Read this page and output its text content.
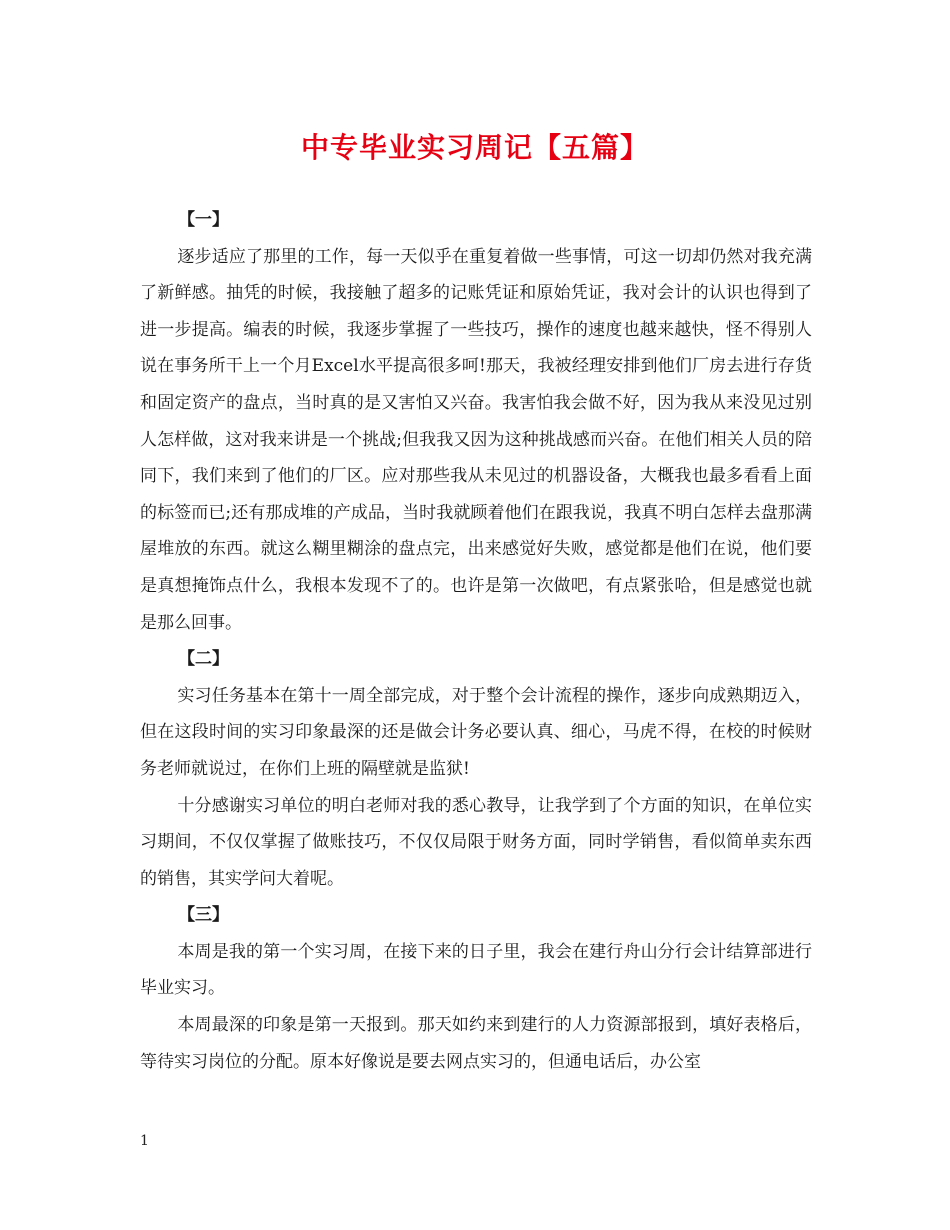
中专毕业实习周记【五篇】

【一】

逐步适应了那里的工作，每一天似乎在重复着做一些事情，可这一切却仍然对我充满了新鲜感。抽凭的时候，我接触了超多的记账凭证和原始凭证，我对会计的认识也得到了进一步提高。编表的时候，我逐步掌握了一些技巧，操作的速度也越来越快，怪不得别人说在事务所干上一个月Excel水平提高很多呵!那天，我被经理安排到他们厂房去进行存货和固定资产的盘点，当时真的是又害怕又兴奋。我害怕我会做不好，因为我从来没见过别人怎样做，这对我来讲是一个挑战;但我我又因为这种挑战感而兴奋。在他们相关人员的陪同下，我们来到了他们的厂区。应对那些我从未见过的机器设备，大概我也最多看看上面的标签而已;还有那成堆的产成品，当时我就顾着他们在跟我说，我真不明白怎样去盘那满屋堆放的东西。就这么糊里糊涂的盘点完，出来感觉好失败，感觉都是他们在说，他们要是真想掩饰点什么，我根本发现不了的。也许是第一次做吧，有点紧张哈，但是感觉也就是那么回事。

【二】

实习任务基本在第十一周全部完成，对于整个会计流程的操作，逐步向成熟期迈入，但在这段时间的实习印象最深的还是做会计务必要认真、细心，马虎不得，在校的时候财务老师就说过，在你们上班的隔壁就是监狱!

十分感谢实习单位的明白老师对我的悉心教导，让我学到了个方面的知识，在单位实习期间，不仅仅掌握了做账技巧，不仅仅局限于财务方面，同时学销售，看似简单卖东西的销售，其实学问大着呢。

【三】

本周是我的第一个实习周，在接下来的日子里，我会在建行舟山分行会计结算部进行毕业实习。

本周最深的印象是第一天报到。那天如约来到建行的人力资源部报到，填好表格后，等待实习岗位的分配。原本好像说是要去网点实习的，但通电话后，办公室

1
